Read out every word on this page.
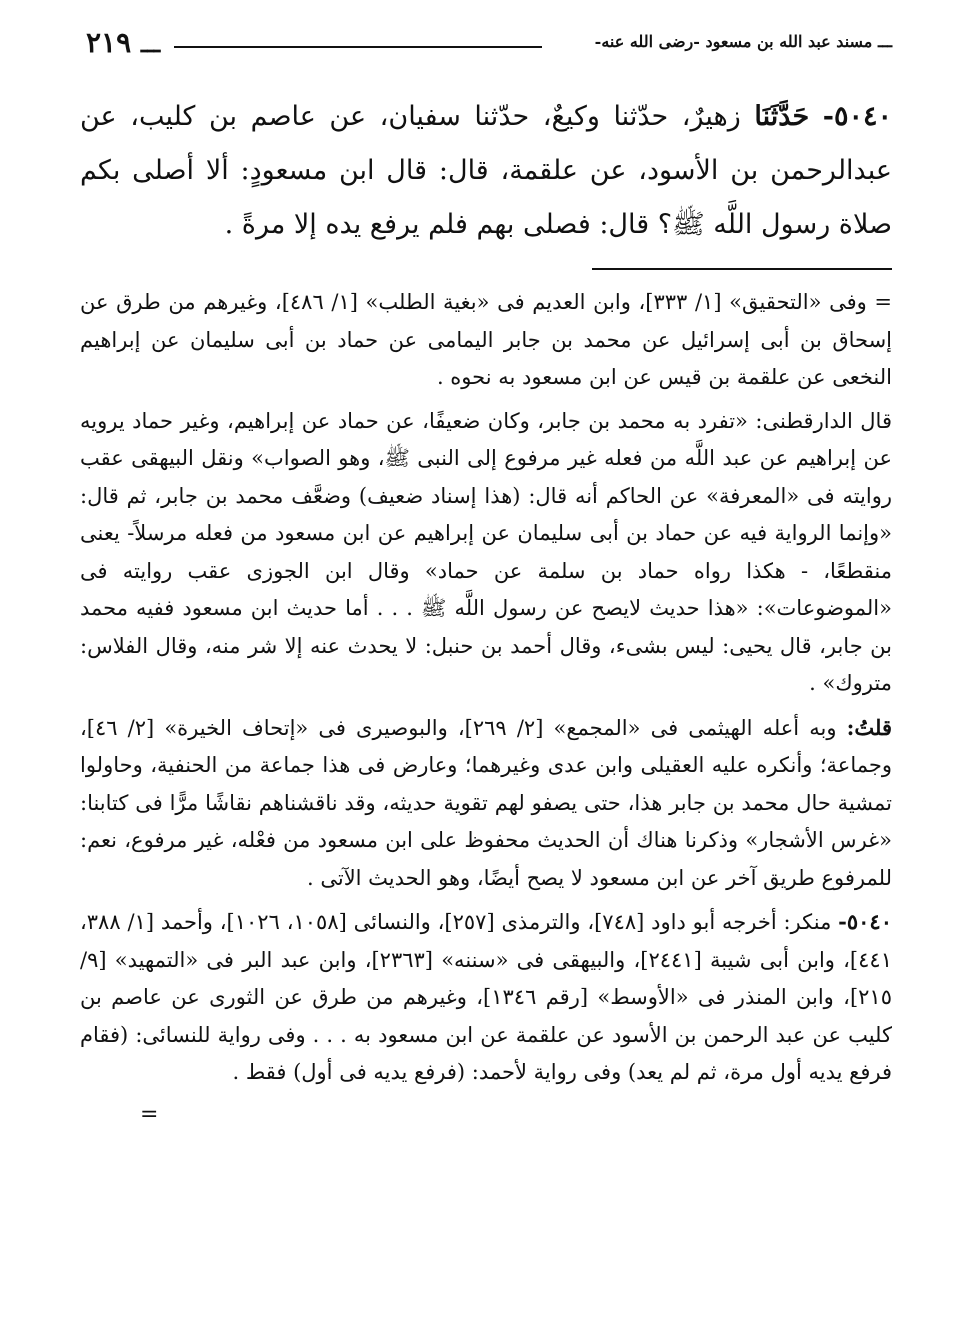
ـــ مسند عبد الله بن مسعود -رضى الله عنه-
ـــ ٢١٩
٥٠٤٠- حَدَّثَنَا زهيرٌ، حدّثنا وكيعٌ، حدّثنا سفيان، عن عاصم بن كليب، عن عبدالرحمن بن الأسود، عن علقمة، قال: قال ابن مسعودٍ: ألا أصلى بكم صلاة رسول اللَّه ﷺ؟ قال: فصلى بهم فلم يرفع يده إلا مرةً .

= وفى «التحقيق» [١/ ٣٣٣]، وابن العديم فى «بغية الطلب» [١/ ٤٨٦]، وغيرهم من طرق عن إسحاق بن أبى إسرائيل عن محمد بن جابر اليمامى عن حماد بن أبى سليمان عن إبراهيم النخعى عن علقمة بن قيس عن ابن مسعود به نحوه .

قال الدارقطنى: «تفرد به محمد بن جابر، وكان ضعيفًا، عن حماد عن إبراهيم، وغير حماد يرويه عن إبراهيم عن عبد اللَّه من فعله غير مرفوع إلى النبى ﷺ، وهو الصواب» ونقل البيهقى عقب روايته فى «المعرفة» عن الحاكم أنه قال: (هذا إسناد ضعيف) وضعَّف محمد بن جابر، ثم قال: «وإنما الرواية فيه عن حماد بن أبى سليمان عن إبراهيم عن ابن مسعود من فعله مرسلاً- يعنى منقطعًا، - هكذا رواه حماد بن سلمة عن حماد» وقال ابن الجوزى عقب روايته فى «الموضوعات»: «هذا حديث لايصح عن رسول اللَّه ﷺ . . . أما حديث ابن مسعود ففيه محمد بن جابر، قال يحيى: ليس بشىء، وقال أحمد بن حنبل: لا يحدث عنه إلا شر منه، وقال الفلاس: متروك» .

قلتُ: وبه أعله الهيثمى فى «المجمع» [٢/ ٢٦٩]، والبوصيرى فى «إتحاف الخيرة» [٢/ ٤٦]، وجماعة؛ وأنكره عليه العقيلى وابن عدى وغيرهما؛ وعارض فى هذا جماعة من الحنفية، وحاولوا تمشية حال محمد بن جابر هذا، حتى يصفو لهم تقوية حديثه، وقد ناقشناهم نقاشًا مرًّا فى كتابنا: «غرس الأشجار» وذكرنا هناك أن الحديث محفوظ على ابن مسعود من فعْله، غير مرفوع، نعم: للمرفوع طريق آخر عن ابن مسعود لا يصح أيضًا، وهو الحديث الآتى .

٥٠٤٠- منكر: أخرجه أبو داود [٧٤٨]، والترمذى [٢٥٧]، والنسائى [١٠٥٨، ١٠٢٦]، وأحمد [١/ ٣٨٨، ٤٤١]، وابن أبى شيبة [٢٤٤١]، والبيهقى فى «سننه» [٢٣٦٣]، وابن عبد البر فى «التمهيد» [٩/ ٢١٥]، وابن المنذر فى «الأوسط» [رقم ١٣٤٦]، وغيرهم من طرق عن الثورى عن عاصم بن كليب عن عبد الرحمن بن الأسود عن علقمة عن ابن مسعود به . . . وفى رواية للنسائى: (فقام فرفع يديه أول مرة، ثم لم يعد) وفى رواية لأحمد: (فرفع يديه فى أول) فقط .

=
